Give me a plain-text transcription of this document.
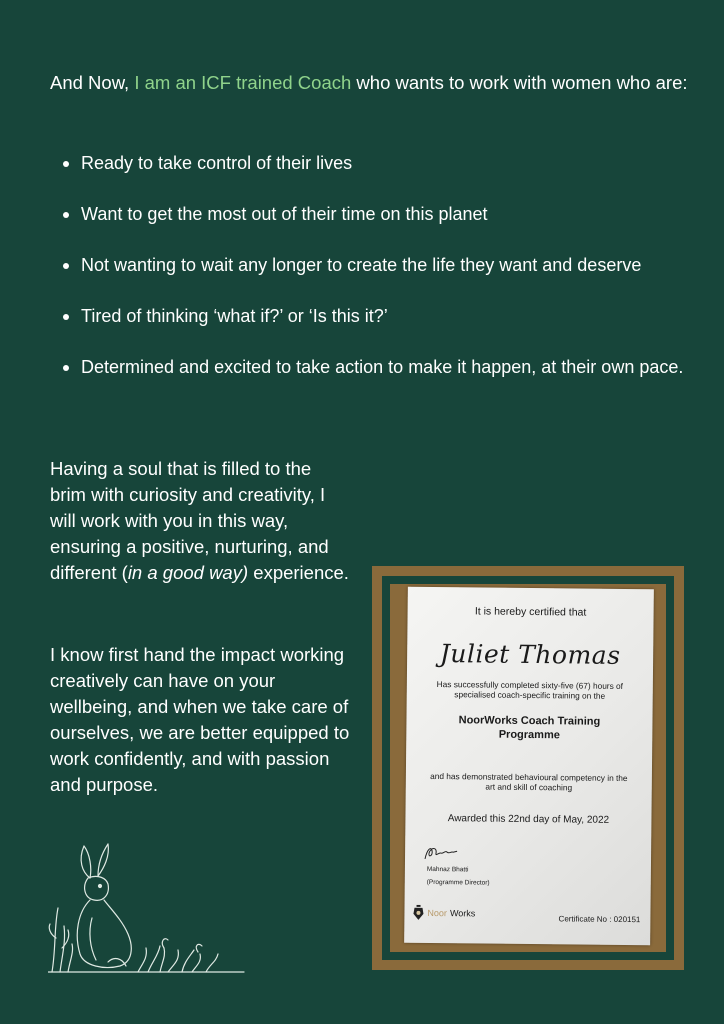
And Now, I am an ICF trained Coach who wants to work with women who are:

Ready to take control of their lives
Want to get the most out of their time on this planet
Not wanting to wait any longer to create the life they want and deserve
Tired of thinking ‘what if?’ or ‘Is this it?’
Determined and excited to take action to make it happen, at their own pace.

Having a soul that is filled to the brim with curiosity and creativity, I will work with you in this way, ensuring a positive, nurturing, and different (in a good way) experience.

I know first hand the impact working creatively can have on your wellbeing, and when we take care of ourselves, we are better equipped to work confidently, and with passion and purpose.

It is hereby certified that
Juliet Thomas
Has successfully completed sixty-five (67) hours of specialised coach-specific training on the
NoorWorks Coach Training Programme
and has demonstrated behavioural competency in the art and skill of coaching
Awarded this 22nd day of May, 2022
Mahnaz Bhatti
(Programme Director)
Noor Works
Certificate No : 020151
